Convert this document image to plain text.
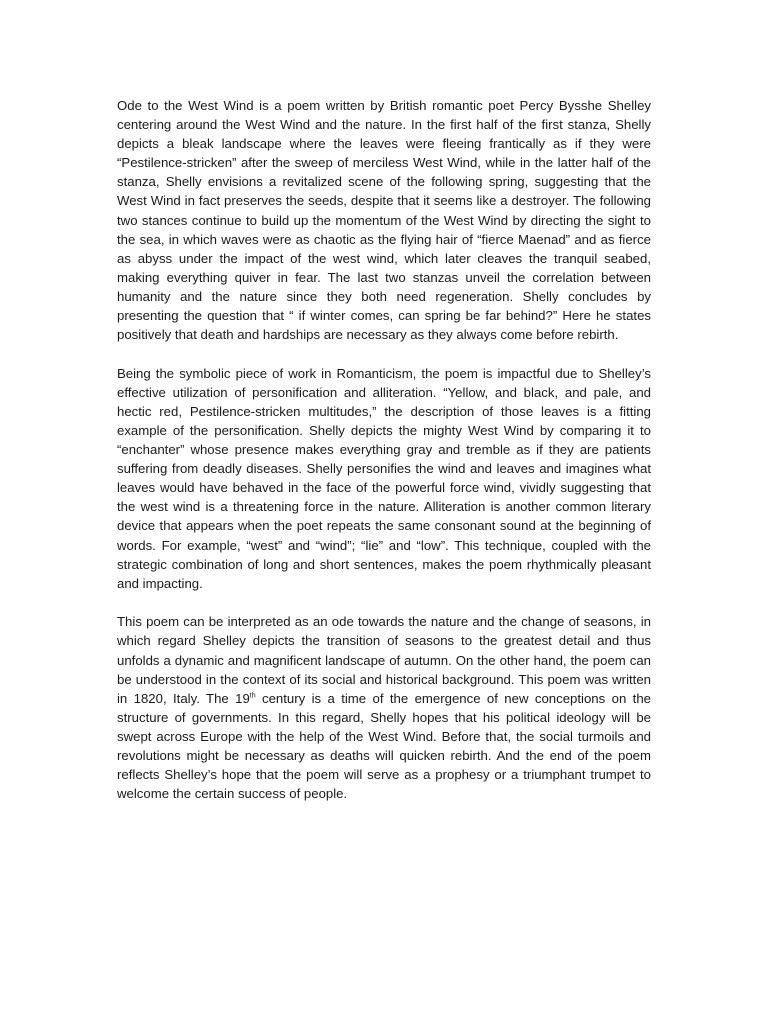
Ode to the West Wind is a poem written by British romantic poet Percy Bysshe Shelley centering around the West Wind and the nature. In the first half of the first stanza, Shelly depicts a bleak landscape where the leaves were fleeing frantically as if they were “Pestilence-stricken” after the sweep of merciless West Wind, while in the latter half of the stanza, Shelly envisions a revitalized scene of the following spring, suggesting that the West Wind in fact preserves the seeds, despite that it seems like a destroyer. The following two stances continue to build up the momentum of the West Wind by directing the sight to the sea, in which waves were as chaotic as the flying hair of “fierce Maenad” and as fierce as abyss under the impact of the west wind, which later cleaves the tranquil seabed, making everything quiver in fear. The last two stanzas unveil the correlation between humanity and the nature since they both need regeneration. Shelly concludes by presenting the question that “ if winter comes, can spring be far behind?” Here he states positively that death and hardships are necessary as they always come before rebirth.

Being the symbolic piece of work in Romanticism, the poem is impactful due to Shelley’s effective utilization of personification and alliteration. “Yellow, and black, and pale, and hectic red, Pestilence-stricken multitudes,” the description of those leaves is a fitting example of the personification. Shelly depicts the mighty West Wind by comparing it to “enchanter” whose presence makes everything gray and tremble as if they are patients suffering from deadly diseases. Shelly personifies the wind and leaves and imagines what leaves would have behaved in the face of the powerful force wind, vividly suggesting that the west wind is a threatening force in the nature. Alliteration is another common literary device that appears when the poet repeats the same consonant sound at the beginning of words. For example, “west” and “wind”; “lie” and “low”. This technique, coupled with the strategic combination of long and short sentences, makes the poem rhythmically pleasant and impacting.

This poem can be interpreted as an ode towards the nature and the change of seasons, in which regard Shelley depicts the transition of seasons to the greatest detail and thus unfolds a dynamic and magnificent landscape of autumn. On the other hand, the poem can be understood in the context of its social and historical background. This poem was written in 1820, Italy. The 19th century is a time of the emergence of new conceptions on the structure of governments. In this regard, Shelly hopes that his political ideology will be swept across Europe with the help of the West Wind. Before that, the social turmoils and revolutions might be necessary as deaths will quicken rebirth. And the end of the poem reflects Shelley’s hope that the poem will serve as a prophesy or a triumphant trumpet to welcome the certain success of people.
